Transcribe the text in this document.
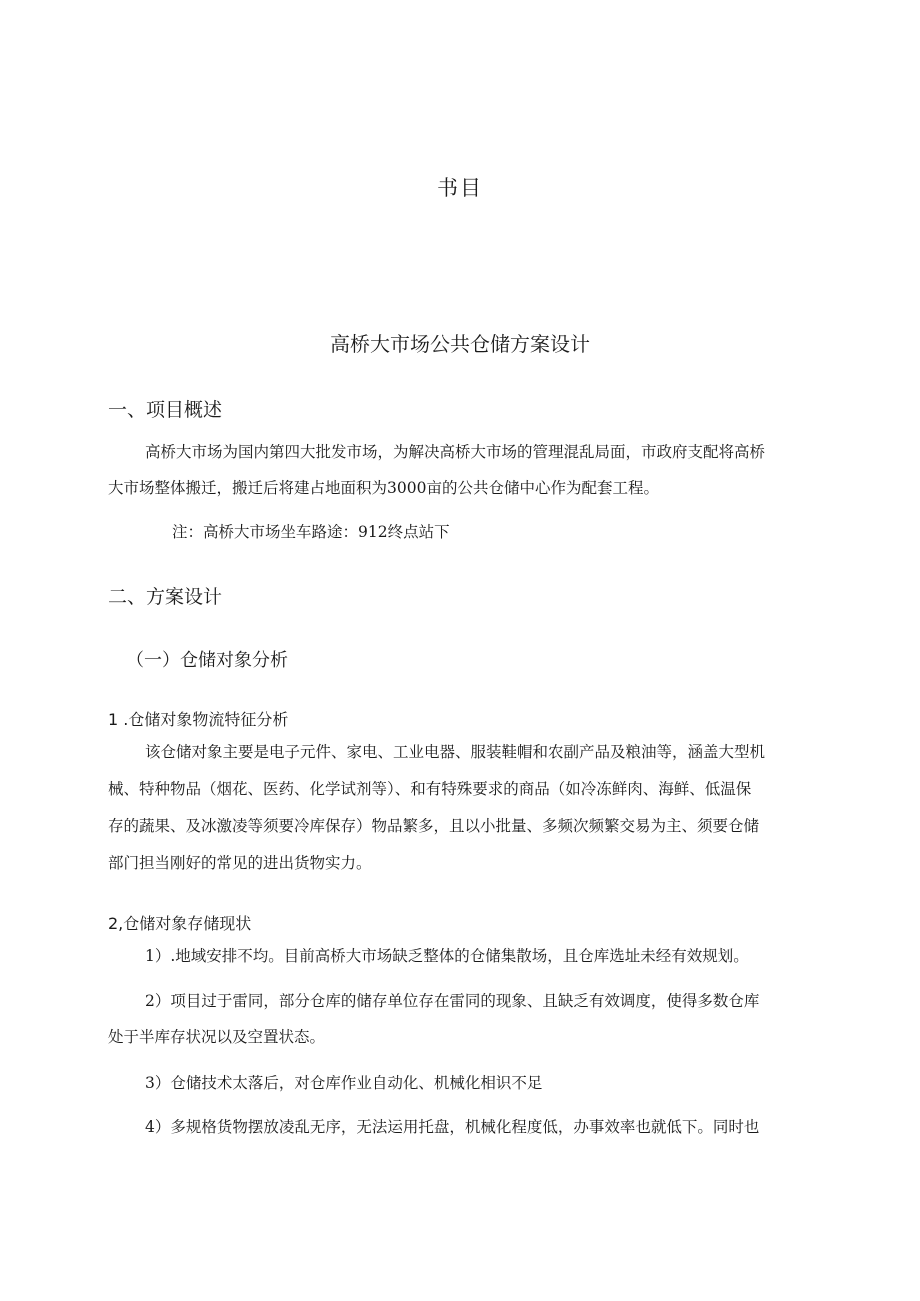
书目
高桥大市场公共仓储方案设计
一、项目概述
高桥大市场为国内第四大批发市场，为解决高桥大市场的管理混乱局面，市政府支配将高桥
大市场整体搬迁，搬迁后将建占地面积为3000亩的公共仓储中心作为配套工程。
注：高桥大市场坐车路途：912终点站下
二、方案设计
（一）仓储对象分析
1 .仓储对象物流特征分析
该仓储对象主要是电子元件、家电、工业电器、服装鞋帽和农副产品及粮油等，涵盖大型机
械、特种物品（烟花、医药、化学试剂等）、和有特殊要求的商品（如冷冻鲜肉、海鲜、低温保
存的蔬果、及冰激凌等须要冷库保存）物品繁多，且以小批量、多频次频繁交易为主、须要仓储
部门担当刚好的常见的进出货物实力。
2,仓储对象存储现状
1）.地域安排不均。目前高桥大市场缺乏整体的仓储集散场，且仓库选址未经有效规划。
2）项目过于雷同，部分仓库的储存单位存在雷同的现象、且缺乏有效调度，使得多数仓库
处于半库存状况以及空置状态。
3）仓储技术太落后，对仓库作业自动化、机械化相识不足
4）多规格货物摆放凌乱无序，无法运用托盘，机械化程度低，办事效率也就低下。同时也
